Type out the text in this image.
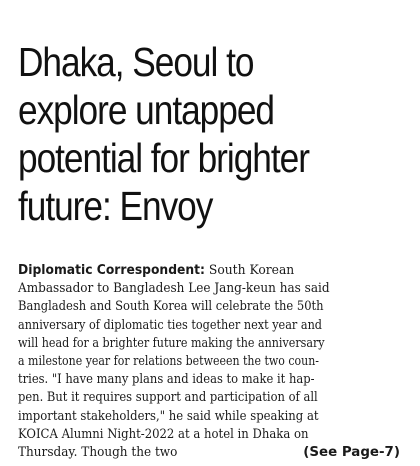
Dhaka, Seoul to
explore untapped
potential for brighter
future: Envoy
Diplomatic Correspondent: South Korean
Ambassador to Bangladesh Lee Jang-keun has said
Bangladesh and South Korea will celebrate the 50th
anniversary of diplomatic ties together next year and
will head for a brighter future making the anniversary
a milestone year for relations betweeen the two coun-
tries. "I have many plans and ideas to make it hap-
pen. But it requires support and participation of all
important stakeholders," he said while speaking at
KOICA Alumni Night-2022 at a hotel in Dhaka on
Thursday. Though the two	(See Page-7)
